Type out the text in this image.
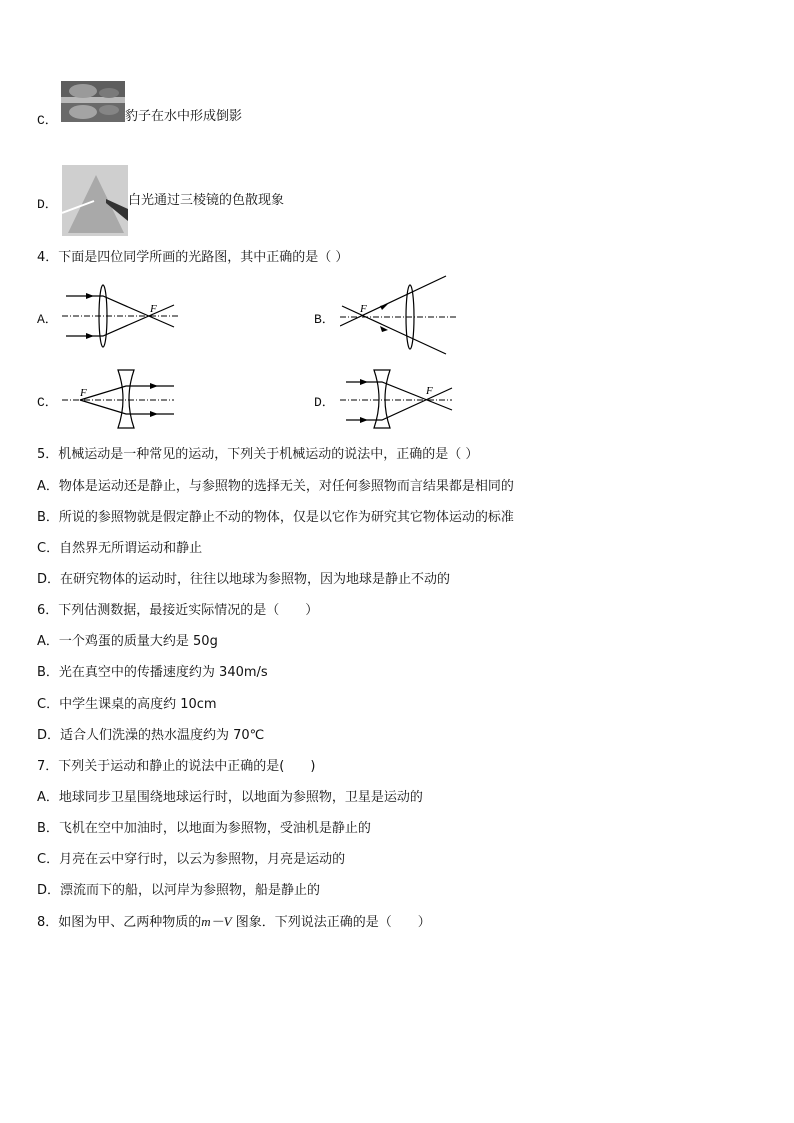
C．	豹子在水中形成倒影
D．	白光通过三棱镜的色散现象
4．下面是四位同学所画的光路图，其中正确的是（ ）
A．
F
B．
F
C．
F
D．
F
5．机械运动是一种常见的运动，下列关于机械运动的说法中，正确的是（ ）
A．物体是运动还是静止，与参照物的选择无关，对任何参照物而言结果都是相同的
B．所说的参照物就是假定静止不动的物体，仅是以它作为研究其它物体运动的标准
C．自然界无所谓运动和静止
D．在研究物体的运动时，往往以地球为参照物，因为地球是静止不动的
6．下列估测数据，最接近实际情况的是（　　）
A．一个鸡蛋的质量大约是 50g
B．光在真空中的传播速度约为 340m/s
C．中学生课桌的高度约 10cm
D．适合人们洗澡的热水温度约为 70℃
7．下列关于运动和静止的说法中正确的是(　　)
A．地球同步卫星围绕地球运行时，以地面为参照物，卫星是运动的
B．飞机在空中加油时，以地面为参照物，受油机是静止的
C．月亮在云中穿行时，以云为参照物，月亮是运动的
D．漂流而下的船，以河岸为参照物，船是静止的
8．如图为甲、乙两种物质的m－V 图象．下列说法正确的是（　　）
